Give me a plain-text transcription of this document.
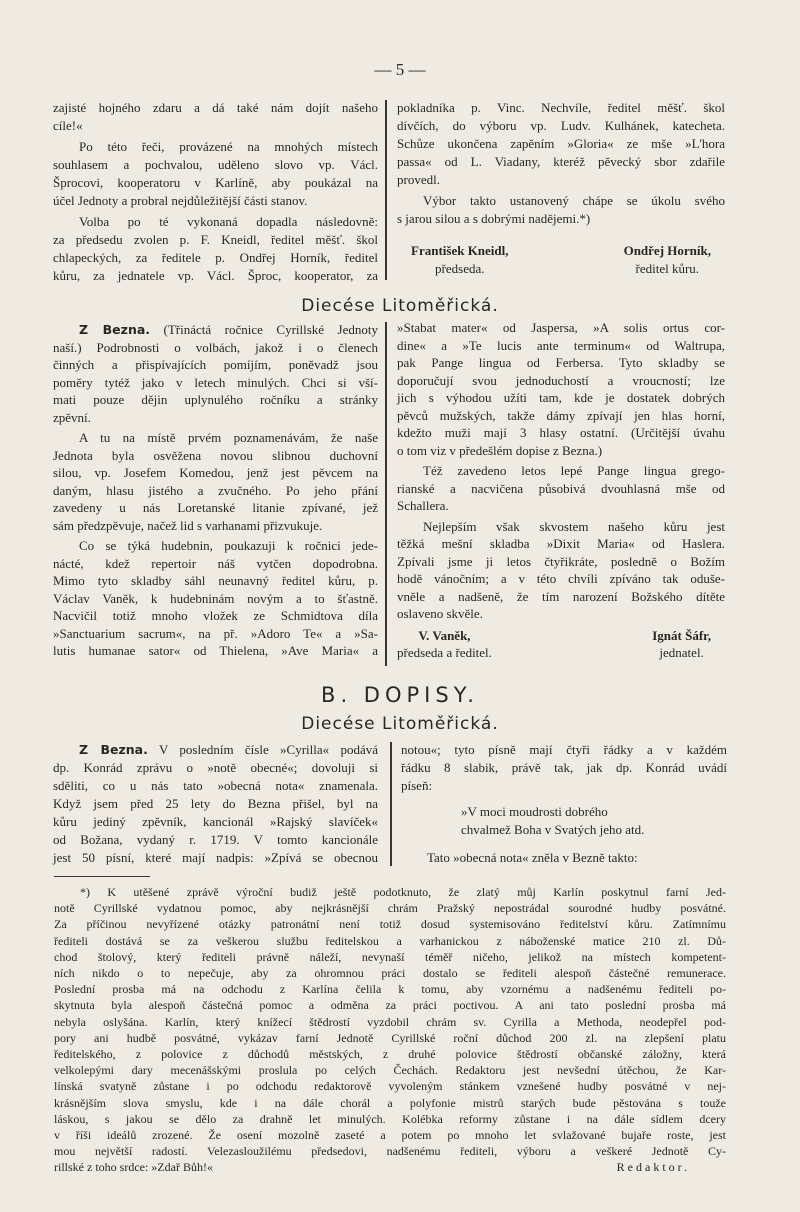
— 5 —
zajisté hojného zdaru a dá také nám dojít našeho
cíle!«
Po této řeči, provázené na mnohých místech
souhlasem a pochvalou, uděleno slovo vp. Václ.
Šprocovi, kooperatoru v Karlíně, aby poukázal na
účel Jednoty a probral nejdůležitější části stanov.
Volba po té vykonaná dopadla následovně:
za předsedu zvolen p. F. Kneidl, ředitel měšť. škol
chlapeckých, za ředitele p. Ondřej Horník, ředitel
kůru, za jednatele vp. Václ. Šproc, kooperator, za
pokladníka p. Vinc. Nechvíle, ředitel měšť. škol
dívčích, do výboru vp. Ludv. Kulhánek, katecheta.
Schůze ukončena zapěním »Gloria« ze mše »L'hora
passa« od L. Viadany, kteréž pěvecký sbor zdařile
provedl.
Výbor takto ustanovený chápe se úkolu svého
s jarou silou a s dobrými nadějemi.*)
František Kneidl,
předseda.
Ondřej Horník,
ředitel kůru.
Diecése Litoměřická.
Z Bezna. (Třináctá ročnice Cyrillské Jednoty
naší.) Podrobnosti o volbách, jakož i o členech
činných a přispívajících pomíjím, poněvadž jsou
poměry tytéž jako v letech minulých. Chci si vší-
mati pouze dějin uplynulého ročníku a stránky
zpěvní.
A tu na místě prvém poznamenávám, že naše
Jednota byla osvěžena novou slibnou duchovní
silou, vp. Josefem Komedou, jenž jest pěvcem na
daným, hlasu jistého a zvučného. Po jeho přání
zavedeny u nás Loretanské litanie zpívané, jež
sám předzpěvuje, načež lid s varhanami přizvukuje.
Co se týká hudebnin, poukazuji k ročnici jede-
nácté, kdež repertoir náš vytčen dopodrobna.
Mimo tyto skladby sáhl neunavný ředitel kůru, p.
Václav Vaněk, k hudebninám novým a to šťastně.
Nacvičil totiž mnoho vložek ze Schmidtova díla
»Sanctuarium sacrum«, na př. »Adoro Te« a »Sa-
lutis humanae sator« od Thielena, »Ave Maria« a
»Stabat mater« od Jaspersa, »A solis ortus cor-
dine« a »Te lucis ante terminum« od Waltrupa,
pak Pange lingua od Ferbersa. Tyto skladby se
doporučují svou jednoduchostí a vroucností; lze
jich s výhodou užíti tam, kde je dostatek dobrých
pěvců mužských, takže dámy zpívají jen hlas horní,
kdežto muži mají 3 hlasy ostatní. (Určitější úvahu
o tom viz v předešlém dopise z Bezna.)
Též zavedeno letos lepé Pange lingua grego-
rianské a nacvičena působivá dvouhlasná mše od
Schallera.
Nejlepším však skvostem našeho kůru jest
těžká mešní skladba »Dixit Maria« od Haslera.
Zpívali jsme ji letos čtyřikráte, posledně o Božím
hodě vánočním; a v této chvíli zpíváno tak oduše-
vněle a nadšeně, že tím narození Božského dítěte
oslaveno skvěle.
V. Vaněk,
předseda a ředitel.
Ignát Šáfr,
jednatel.
B. DOPISY.
Diecése Litoměřická.
Z Bezna. V posledním čísle »Cyrilla« podává
dp. Konrád zprávu o »notě obecné«; dovoluji si
sděliti, co u nás tato »obecná nota« znamenala.
Když jsem před 25 lety do Bezna přišel, byl na
kůru jediný zpěvník, kancionál »Rajský slavíček«
od Božana, vydaný r. 1719. V tomto kancionále
jest 50 písní, které mají nadpis: »Zpívá se obecnou
notou«; tyto písně mají čtyři řádky a v každém
řádku 8 slabik, právě tak, jak dp. Konrád uvádí
píseň:
»V moci moudrosti dobrého
chvalmež Boha v Svatých jeho atd.
Tato »obecná nota« zněla v Bezně takto:
*) K utěšené zprávě výroční budiž ještě podotknuto, že zlatý můj Karlín poskytnul farní Jed-
notě Cyrillské vydatnou pomoc, aby nejkrásnější chrám Pražský nepostrádal sourodné hudby posvátné.
Za příčinou nevyřízené otázky patronátní není totiž dosud systemisováno ředitelství kůru. Zatímnímu
řediteli dostává se za veškerou službu ředitelskou a varhanickou z náboženské matice 210 zl. Dů-
chod štolový, který řediteli právně náleží, nevynaší téměř ničeho, jelikož na místech kompetent-
ních nikdo o to nepečuje, aby za ohromnou práci dostalo se řediteli alespoň částečné remunerace.
Poslední prosba má na odchodu z Karlína čelila k tomu, aby vzornému a nadšenému řediteli po-
skytnuta byla alespoň částečná pomoc a odměna za práci poctivou. A ani tato poslední prosba má
nebyla oslyšána. Karlín, který knížecí štědrostí vyzdobil chrám sv. Cyrilla a Methoda, neodepřel pod-
pory ani hudbě posvátné, vykázav farní Jednotě Cyrillské roční důchod 200 zl. na zlepšení platu
ředitelského, z polovice z důchodů městských, z druhé polovice štědrostí občanské záložny, která
velkolepými dary mecenášskými proslula po celých Čechách. Redaktoru jest nevšední útěchou, že Kar-
línská svatyně zůstane i po odchodu redaktorově vyvoleným stánkem vznešené hudby posvátné v nej-
krásnějším slova smyslu, kde i na dále chorál a polyfonie mistrů starých bude pěstována s touže
láskou, s jakou se dělo za drahně let minulých. Kolébka reformy zůstane i na dále sídlem dcery
v říši ideálů zrozené. Že osení mozolně zaseté a potem po mnoho let svlažované bujaře roste, jest
mou největší radostí. Velezasloužilému předsedovi, nadšenému řediteli, výboru a veškeré Jednotě Cy-
rillské z toho srdce: »Zdař Bůh!«	Redaktor.
